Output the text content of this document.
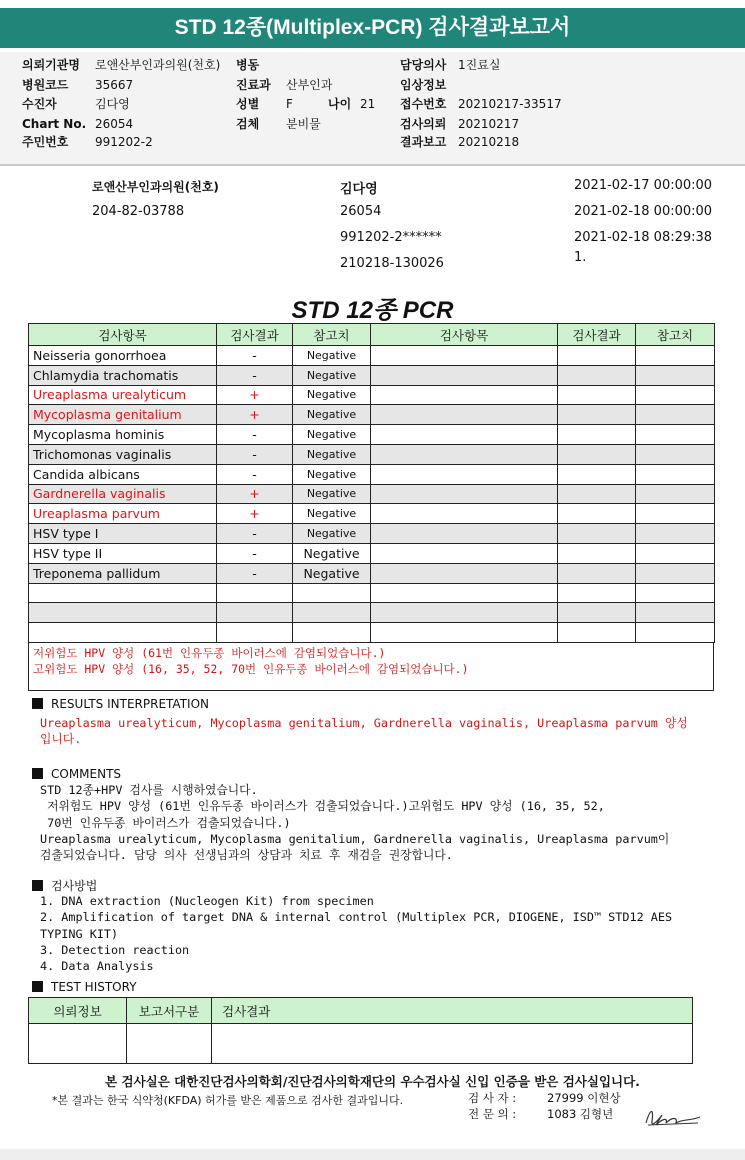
STD 12종(Multiplex-PCR) 검사결과보고서
의뢰기관명 로앤산부인과의원(천호)
병원코드 35667
수진자	김다영
Chart No. 26054
주민번호 991202-2
병동
진료과 산부인과
성별 F	나이 21
검체 분비물
담당의사 1진료실
임상정보
접수번호 20210217-33517
검사의뢰 20210217
결과보고 20210218
로앤산부인과의원(천호)
204-82-03788
김다영
26054
991202-2******
210218-130026
2021-02-17 00:00:00
2021-02-18 00:00:00
2021-02-18 08:29:38
1.
STD 12종 PCR
검사항목	검사결과	참고치	검사항목	검사결과	참고치
Neisseria gonorrhoea	-	Negative			
Chlamydia trachomatis	-	Negative			
Ureaplasma urealyticum	+	Negative			
Mycoplasma genitalium	+	Negative			
Mycoplasma hominis	-	Negative			
Trichomonas vaginalis	-	Negative			
Candida albicans	-	Negative			
Gardnerella vaginalis	+	Negative			
Ureaplasma parvum	+	Negative			
HSV type I	-	Negative			
HSV type II	-	Negative			
Treponema pallidum	-	Negative			

저위험도 HPV 양성 (61번 인유두종 바이러스에 감염되었습니다.)
고위험도 HPV 양성 (16, 35, 52, 70번 인유두종 바이러스에 감염되었습니다.)
RESULTS INTERPRETATION
Ureaplasma urealyticum, Mycoplasma genitalium, Gardnerella vaginalis, Ureaplasma parvum 양성
입니다.
COMMENTS
STD 12종+HPV 검사를 시행하였습니다.
저위험도 HPV 양성 (61번 인유두종 바이러스가 검출되었습니다.)고위험도 HPV 양성 (16, 35, 52,
70번 인유두종 바이러스가 검출되었습니다.)
Ureaplasma urealyticum, Mycoplasma genitalium, Gardnerella vaginalis, Ureaplasma parvum이
검출되었습니다. 담당 의사 선생님과의 상담과 치료 후 재검을 권장합니다.
검사방법
1. DNA extraction (Nucleogen Kit) from specimen
2. Amplification of target DNA & internal control (Multiplex PCR, DIOGENE, ISD™ STD12 AES
TYPING KIT)
3. Detection reaction
4. Data Analysis
TEST HISTORY
의뢰정보	보고서구분	검사결과

본 검사실은 대한진단검사의학회/진단검사의학재단의 우수검사실 신입 인증을 받은 검사실입니다.
*본 결과는 한국 식약청(KFDA) 허가를 받은 제품으로 검사한 결과입니다.	검 사 자 :	27999 이현상
전 문 의 :	1083 김형년
